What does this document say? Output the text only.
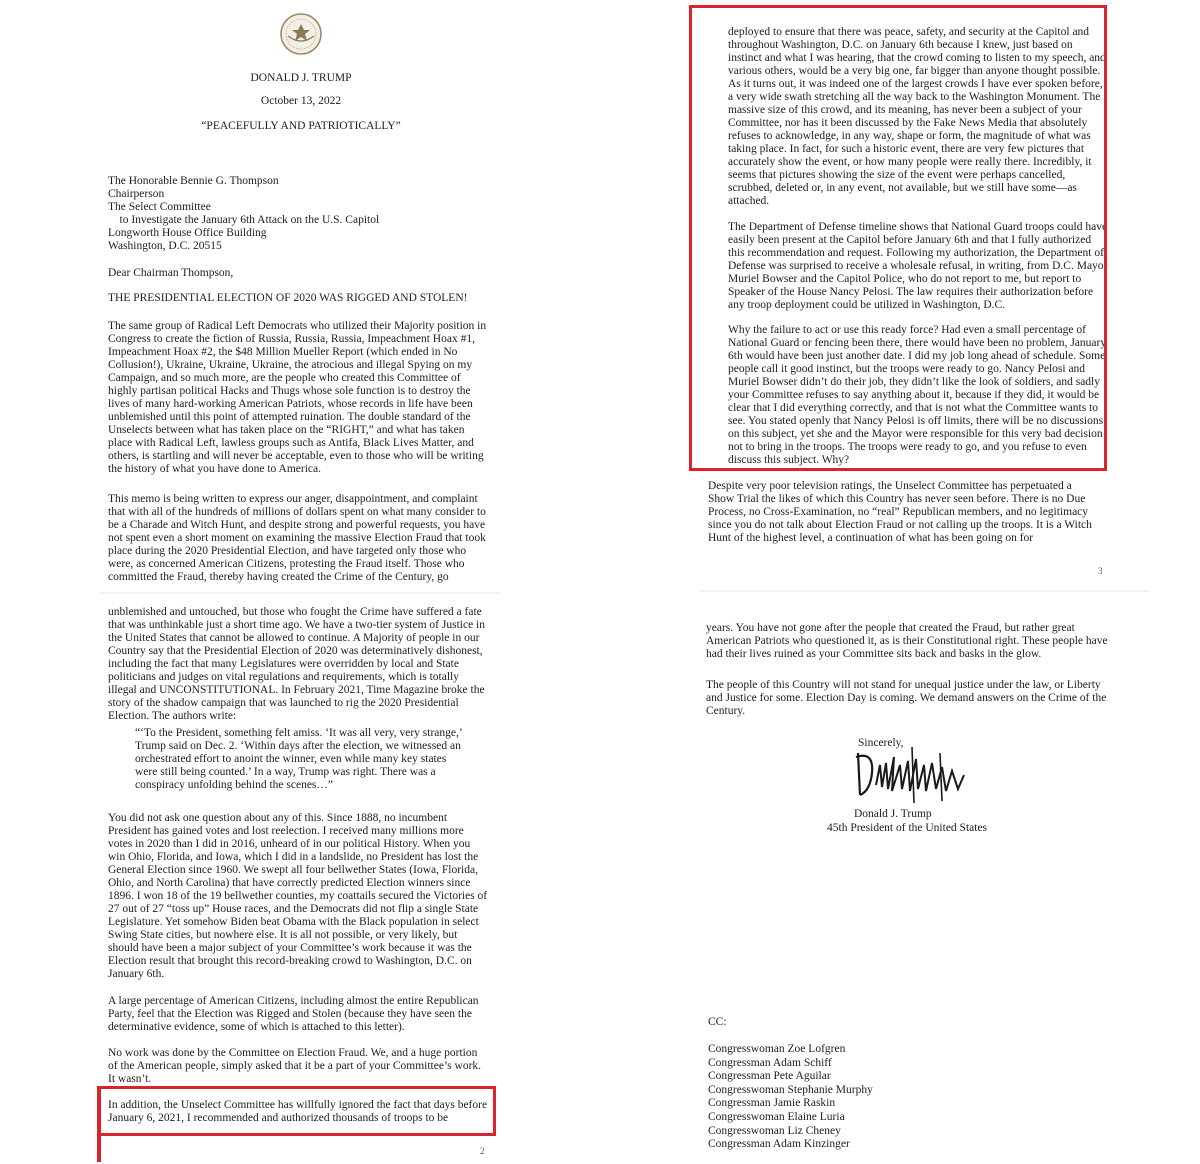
DONALD J. TRUMP

October 13, 2022

“PEACEFULLY AND PATRIOTICALLY”

The Honorable Bennie G. Thompson
Chairperson
The Select Committee
to Investigate the January 6th Attack on the U.S. Capitol
Longworth House Office Building
Washington, D.C. 20515

Dear Chairman Thompson,

THE PRESIDENTIAL ELECTION OF 2020 WAS RIGGED AND STOLEN!

The same group of Radical Left Democrats who utilized their Majority position in Congress to create the fiction of Russia, Russia, Russia, Impeachment Hoax #1, Impeachment Hoax #2, the $48 Million Mueller Report (which ended in No Collusion!), Ukraine, Ukraine, Ukraine, the atrocious and illegal Spying on my Campaign, and so much more, are the people who created this Committee of highly partisan political Hacks and Thugs whose sole function is to destroy the lives of many hard-working American Patriots, whose records in life have been unblemished until this point of attempted ruination. The double standard of the Unselects between what has taken place on the “RIGHT,” and what has taken place with Radical Left, lawless groups such as Antifa, Black Lives Matter, and others, is startling and will never be acceptable, even to those who will be writing the history of what you have done to America.

This memo is being written to express our anger, disappointment, and complaint that with all of the hundreds of millions of dollars spent on what many consider to be a Charade and Witch Hunt, and despite strong and powerful requests, you have not spent even a short moment on examining the massive Election Fraud that took place during the 2020 Presidential Election, and have targeted only those who were, as concerned American Citizens, protesting the Fraud itself. Those who committed the Fraud, thereby having created the Crime of the Century, go

unblemished and untouched, but those who fought the Crime have suffered a fate that was unthinkable just a short time ago. We have a two-tier system of Justice in the United States that cannot be allowed to continue. A Majority of people in our Country say that the Presidential Election of 2020 was determinatively dishonest, including the fact that many Legislatures were overridden by local and State politicians and judges on vital regulations and requirements, which is totally illegal and UNCONSTITUTIONAL. In February 2021, Time Magazine broke the story of the shadow campaign that was launched to rig the 2020 Presidential Election. The authors write:

“‘To the President, something felt amiss. ‘It was all very, very strange,’ Trump said on Dec. 2. ‘Within days after the election, we witnessed an orchestrated effort to anoint the winner, even while many key states were still being counted.’ In a way, Trump was right. There was a conspiracy unfolding behind the scenes…”

You did not ask one question about any of this. Since 1888, no incumbent President has gained votes and lost reelection. I received many millions more votes in 2020 than I did in 2016, unheard of in our political History. When you win Ohio, Florida, and Iowa, which I did in a landslide, no President has lost the General Election since 1960. We swept all four bellwether States (Iowa, Florida, Ohio, and North Carolina) that have correctly predicted Election winners since 1896. I won 18 of the 19 bellwether counties, my coattails secured the Victories of 27 out of 27 “toss up” House races, and the Democrats did not flip a single State Legislature. Yet somehow Biden beat Obama with the Black population in select Swing State cities, but nowhere else. It is all not possible, or very likely, but should have been a major subject of your Committee’s work because it was the Election result that brought this record-breaking crowd to Washington, D.C. on January 6th.

A large percentage of American Citizens, including almost the entire Republican Party, feel that the Election was Rigged and Stolen (because they have seen the determinative evidence, some of which is attached to this letter).

No work was done by the Committee on Election Fraud. We, and a huge portion of the American people, simply asked that it be a part of your Committee’s work. It wasn’t.

In addition, the Unselect Committee has willfully ignored the fact that days before January 6, 2021, I recommended and authorized thousands of troops to be

2

deployed to ensure that there was peace, safety, and security at the Capitol and throughout Washington, D.C. on January 6th because I knew, just based on instinct and what I was hearing, that the crowd coming to listen to my speech, and various others, would be a very big one, far bigger than anyone thought possible. As it turns out, it was indeed one of the largest crowds I have ever spoken before, a very wide swath stretching all the way back to the Washington Monument. The massive size of this crowd, and its meaning, has never been a subject of your Committee, nor has it been discussed by the Fake News Media that absolutely refuses to acknowledge, in any way, shape or form, the magnitude of what was taking place. In fact, for such a historic event, there are very few pictures that accurately show the event, or how many people were really there. Incredibly, it seems that pictures showing the size of the event were perhaps cancelled, scrubbed, deleted or, in any event, not available, but we still have some—as attached.

The Department of Defense timeline shows that National Guard troops could have easily been present at the Capitol before January 6th and that I fully authorized this recommendation and request. Following my authorization, the Department of Defense was surprised to receive a wholesale refusal, in writing, from D.C. Mayor Muriel Bowser and the Capitol Police, who do not report to me, but report to Speaker of the House Nancy Pelosi. The law requires their authorization before any troop deployment could be utilized in Washington, D.C.

Why the failure to act or use this ready force? Had even a small percentage of National Guard or fencing been there, there would have been no problem, January 6th would have been just another date. I did my job long ahead of schedule. Some people call it good instinct, but the troops were ready to go. Nancy Pelosi and Muriel Bowser didn’t do their job, they didn’t like the look of soldiers, and sadly your Committee refuses to say anything about it, because if they did, it would be clear that I did everything correctly, and that is not what the Committee wants to see. You stated openly that Nancy Pelosi is off limits, there will be no discussions on this subject, yet she and the Mayor were responsible for this very bad decision not to bring in the troops. The troops were ready to go, and you refuse to even discuss this subject. Why?

Despite very poor television ratings, the Unselect Committee has perpetuated a Show Trial the likes of which this Country has never seen before. There is no Due Process, no Cross-Examination, no “real” Republican members, and no legitimacy since you do not talk about Election Fraud or not calling up the troops. It is a Witch Hunt of the highest level, a continuation of what has been going on for

3

years. You have not gone after the people that created the Fraud, but rather great American Patriots who questioned it, as is their Constitutional right. These people have had their lives ruined as your Committee sits back and basks in the glow.

The people of this Country will not stand for unequal justice under the law, or Liberty and Justice for some. Election Day is coming. We demand answers on the Crime of the Century.

Sincerely,

Donald J. Trump

45th President of the United States

CC:

Congresswoman Zoe Lofgren
Congressman Adam Schiff
Congressman Pete Aguilar
Congresswoman Stephanie Murphy
Congressman Jamie Raskin
Congresswoman Elaine Luria
Congresswoman Liz Cheney
Congressman Adam Kinzinger
